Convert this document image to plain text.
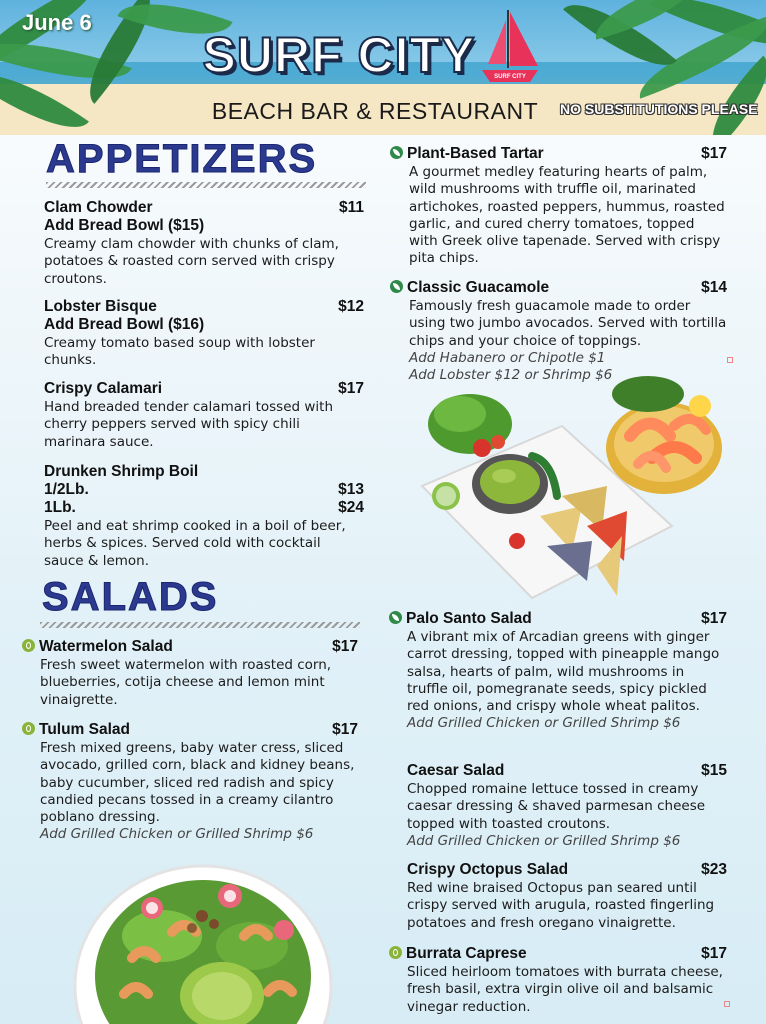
June 6
SURF CITY	SURF CITY
BEACH BAR & RESTAURANT NO SUBSTITUTIONS PLEASE
APPETIZERS
Clam Chowder	$11
Add Bread Bowl ($15)
Creamy clam chowder with chunks of clam, potatoes & roasted corn served with crispy croutons.
Lobster Bisque	$12
Add Bread Bowl ($16)
Creamy tomato based soup with lobster chunks.
Crispy Calamari	$17
Hand breaded tender calamari tossed with cherry peppers served with spicy chili marinara sauce.
Drunken Shrimp Boil
1/2Lb.	$13
1Lb.	$24
Peel and eat shrimp cooked in a boil of beer, herbs & spices. Served cold with cocktail sauce & lemon.
Plant-Based Tartar	$17
A gourmet medley featuring hearts of palm, wild mushrooms with truffle oil, marinated artichokes, roasted peppers, hummus, roasted garlic, and cured cherry tomatoes, topped with Greek olive tapenade. Served with crispy pita chips.
Classic Guacamole	$14
Famously fresh guacamole made to order using two jumbo avocados. Served with tortilla chips and your choice of toppings.
Add Habanero or Chipotle $1
Add Lobster $12 or Shrimp $6
SALADS
Watermelon Salad	$17
Fresh sweet watermelon with roasted corn, blueberries, cotija cheese and lemon mint vinaigrette.
Tulum Salad	$17
Fresh mixed greens, baby water cress, sliced avocado, grilled corn, black and kidney beans, baby cucumber, sliced red radish and spicy candied pecans tossed in a creamy cilantro poblano dressing.
Add Grilled Chicken or Grilled Shrimp $6
Palo Santo Salad	$17
A vibrant mix of Arcadian greens with ginger carrot dressing, topped with pineapple mango salsa, hearts of palm, wild mushrooms in truffle oil, pomegranate seeds, spicy pickled red onions, and crispy whole wheat palitos.
Add Grilled Chicken or Grilled Shrimp $6
Caesar Salad	$15
Chopped romaine lettuce tossed in creamy caesar dressing & shaved parmesan cheese topped with toasted croutons.
Add Grilled Chicken or Grilled Shrimp $6
Crispy Octopus Salad	$23
Red wine braised Octopus pan seared until crispy served with arugula, roasted fingerling potatoes and fresh oregano vinaigrette.
Burrata Caprese	$17
Sliced heirloom tomatoes with burrata cheese, fresh basil, extra virgin olive oil and balsamic vinegar reduction.
